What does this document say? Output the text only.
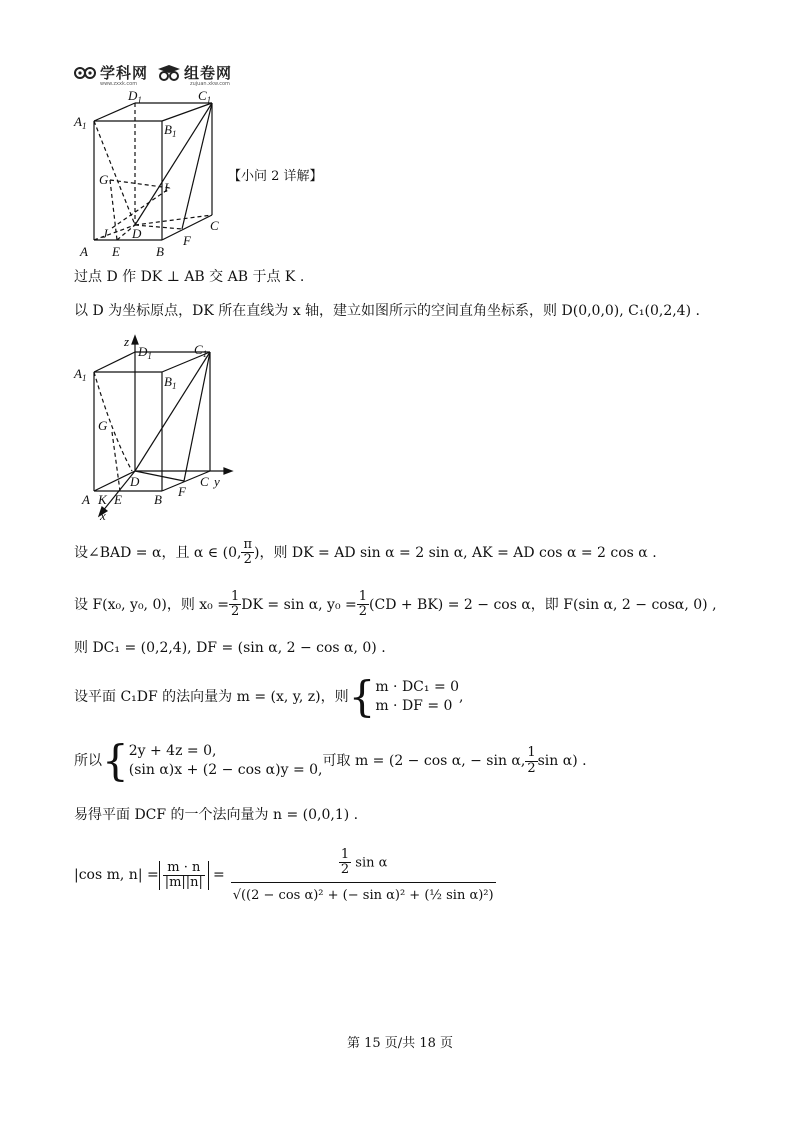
学科网 组卷网
www.zxxk.com	zujuan.xkw.com
$D_1$	$C_1$
$A_1$	$B_1$
G
I
J D
C
F
A E	B
【小问 2 详解】
过点 D 作 DK ⊥ AB 交 AB 于点 K .
以 D 为坐标原点，DK 所在直线为 x 轴，建立如图所示的空间直角坐标系，则 D(0,0,0), C₁(0,2,4) .
z
$D_1$	$C_1$
$A_1$	$B_1$
G
D
A K E B
F
C y
x
设∠BAD = α，且 α ∈ (0, $\frac{\pi}{2}$ )，则 DK = AD sin α = 2 sin α, AK = AD cos α = 2 cos α .
设 F(x₀, y₀, 0)，则 $x_0 = \frac{1}{2}$ DK = sin α, $y_0 = \frac{1}{2} (CD + BK) = 2 - \cos \alpha$，即 F(sin α, 2 − cosα, 0) ,
则 DC₁ = (0,2,4), DF = (sin α, 2 − cos α, 0) .
设平面 C₁DF 的法向量为 m = (x, y, z)，则 { m · DC₁ = 0
m · DF = 0
,
所以 { 2y + 4z = 0,
(sin α)x + (2 − cos α)y = 0,
可取 m = (2 − cos α, − sin α, $\frac{1}{2}$ sin α) .
易得平面 DCF 的一个法向量为 n = (0,0,1) .
|cos m, $n| = \frac{m \cdot n}{|m||n|} = \frac{\frac{1}{2} \sin \alpha}{\text{√((2 − cos α)² + (− sin α)² + (½ sin α)²)}}$
第 15 页/共 18 页
